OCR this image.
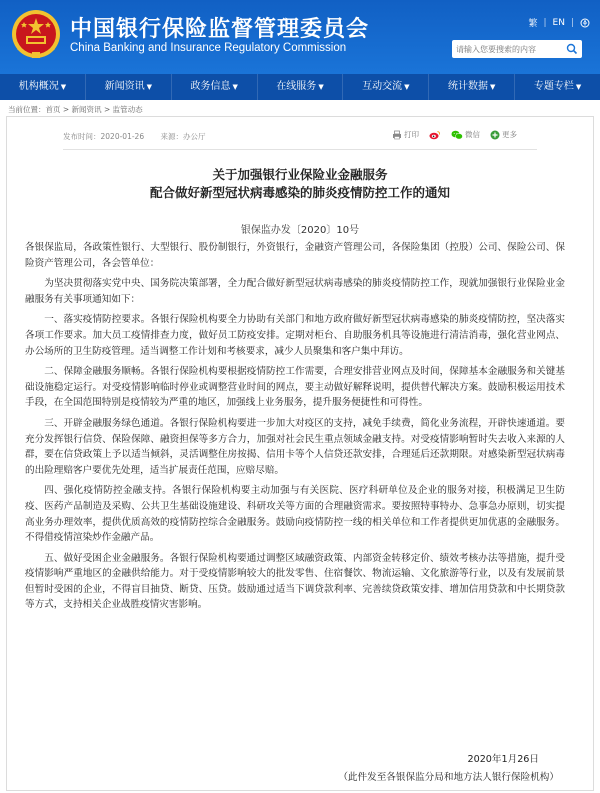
中国银行保险监督管理委员会
China Banking and Insurance Regulatory Commission
繁 | EN |
请输入您要搜索的内容
机构概况 ▼	新闻资讯 ▼	政务信息 ▼	在线服务 ▼	互动交流 ▼	统计数据 ▼	专题专栏 ▼
当前位置：首页 > 新闻资讯 > 监管动态
发布时间：2020-01-26 来源：办公厅	打印	微信	更多
关于加强银行业保险业金融服务
配合做好新型冠状病毒感染的肺炎疫情防控工作的通知
银保监办发〔2020〕10号

各银保监局，各政策性银行、大型银行、股份制银行，外资银行，金融资产管理公司，各保险集团（控股）公司、保险公司、保险资产管理公司，各会管单位：

为坚决贯彻落实党中央、国务院决策部署，全力配合做好新型冠状病毒感染的肺炎疫情防控工作，现就加强银行业保险业金融服务有关事项通知如下：

一、落实疫情防控要求。各银行保险机构要全力协助有关部门和地方政府做好新型冠状病毒感染的肺炎疫情防控，坚决落实各项工作要求。加大员工疫情排查力度，做好员工防疫安排。定期对柜台、自助服务机具等设施进行清洁消毒，强化营业网点、办公场所的卫生防疫管理。适当调整工作计划和考核要求，减少人员聚集和客户集中拜访。

二、保障金融服务顺畅。各银行保险机构要根据疫情防控工作需要，合理安排营业网点及时间，保障基本金融服务和关键基础设施稳定运行。对受疫情影响临时停业或调整营业时间的网点，要主动做好解释说明，提供替代解决方案。鼓励积极运用技术手段，在全国范围特别是疫情较为严重的地区，加强线上业务服务，提升服务便捷性和可得性。

三、开辟金融服务绿色通道。各银行保险机构要进一步加大对疫区的支持，减免手续费，简化业务流程，开辟快速通道。要充分发挥银行信贷、保险保障、融资担保等多方合力，加强对社会民生重点领域金融支持。对受疫情影响暂时失去收入来源的人群，要在信贷政策上予以适当倾斜，灵活调整住房按揭、信用卡等个人信贷还款安排，合理延后还款期限。对感染新型冠状病毒的出险理赔客户要优先处理，适当扩展责任范围，应赔尽赔。

四、强化疫情防控金融支持。各银行保险机构要主动加强与有关医院、医疗科研单位及企业的服务对接，积极满足卫生防疫、医药产品制造及采购、公共卫生基础设施建设、科研攻关等方面的合理融资需求。要按照特事特办、急事急办原则，切实提高业务办理效率，提供优质高效的疫情防控综合金融服务。鼓励向疫情防控一线的相关单位和工作者提供更加优惠的金融服务。不得借疫情渲染炒作金融产品。

五、做好受困企业金融服务。各银行保险机构要通过调整区域融资政策、内部资金转移定价、绩效考核办法等措施，提升受疫情影响严重地区的金融供给能力。对于受疫情影响较大的批发零售、住宿餐饮、物流运输、文化旅游等行业，以及有发展前景但暂时受困的企业，不得盲目抽贷、断贷、压贷。鼓励通过适当下调贷款利率、完善续贷政策安排、增加信用贷款和中长期贷款等方式，支持相关企业战胜疫情灾害影响。

2020年1月26日
（此件发至各银保监分局和地方法人银行保险机构）
